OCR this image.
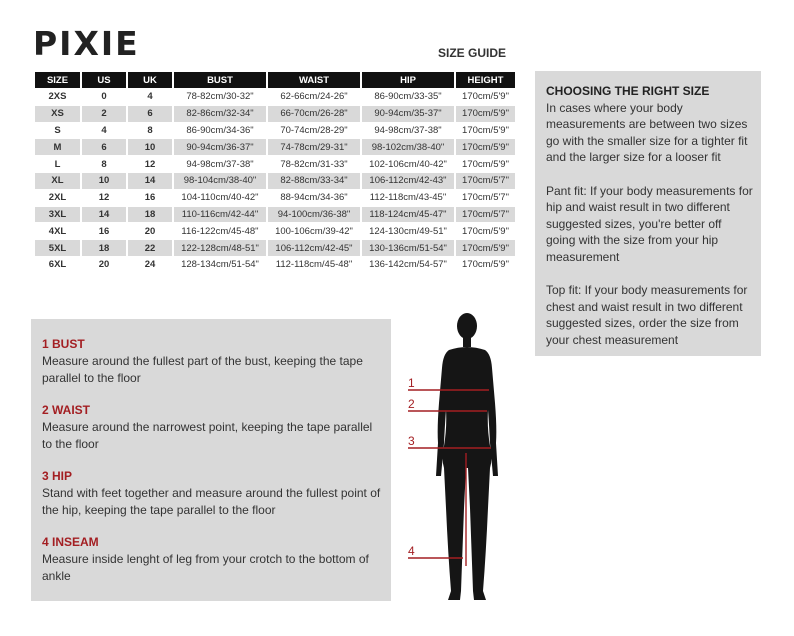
PIXIE	SIZE GUIDE
SIZE	US	UK	BUST	WAIST	HIP	HEIGHT
2XS	0	4	78-82cm/30-32"	62-66cm/24-26"	86-90cm/33-35"	170cm/5'9"
XS	2	6	82-86cm/32-34"	66-70cm/26-28"	90-94cm/35-37"	170cm/5'9"
S	4	8	86-90cm/34-36"	70-74cm/28-29"	94-98cm/37-38"	170cm/5'9"
M	6	10	90-94cm/36-37"	74-78cm/29-31"	98-102cm/38-40"	170cm/5'9"
L	8	12	94-98cm/37-38"	78-82cm/31-33"	102-106cm/40-42"	170cm/5'9"
XL	10	14	98-104cm/38-40"	82-88cm/33-34"	106-112cm/42-43"	170cm/5'7"
2XL	12	16	104-110cm/40-42"	88-94cm/34-36"	112-118cm/43-45"	170cm/5'7"
3XL	14	18	110-116cm/42-44"	94-100cm/36-38"	118-124cm/45-47"	170cm/5'7"
4XL	16	20	116-122cm/45-48"	100-106cm/39-42"	124-130cm/49-51"	170cm/5'9"
5XL	18	22	122-128cm/48-51"	106-112cm/42-45"	130-136cm/51-54"	170cm/5'9"
6XL	20	24	128-134cm/51-54"	112-118cm/45-48"	136-142cm/54-57"	170cm/5'9"
CHOOSING THE RIGHT SIZE

In cases where your body measurements are between two sizes go with the smaller size for a tighter fit and the larger size for a looser fit

Pant fit: If your body measurements for hip and waist result in two different suggested sizes, you're better off going with the size from your hip measurement

Top fit: If your body measurements for chest and waist result in two different suggested sizes, order the size from your chest measurement

1 BUST

Measure around the fullest part of the bust, keeping the tape parallel to the floor

2 WAIST

Measure around the narrowest point, keeping the tape parallel to the floor

3 HIP

Stand with feet together and measure around the fullest point of the hip, keeping the tape parallel to the floor

4 INSEAM

Measure inside lenght of leg from your crotch to the bottom of ankle

1
2
3
4
